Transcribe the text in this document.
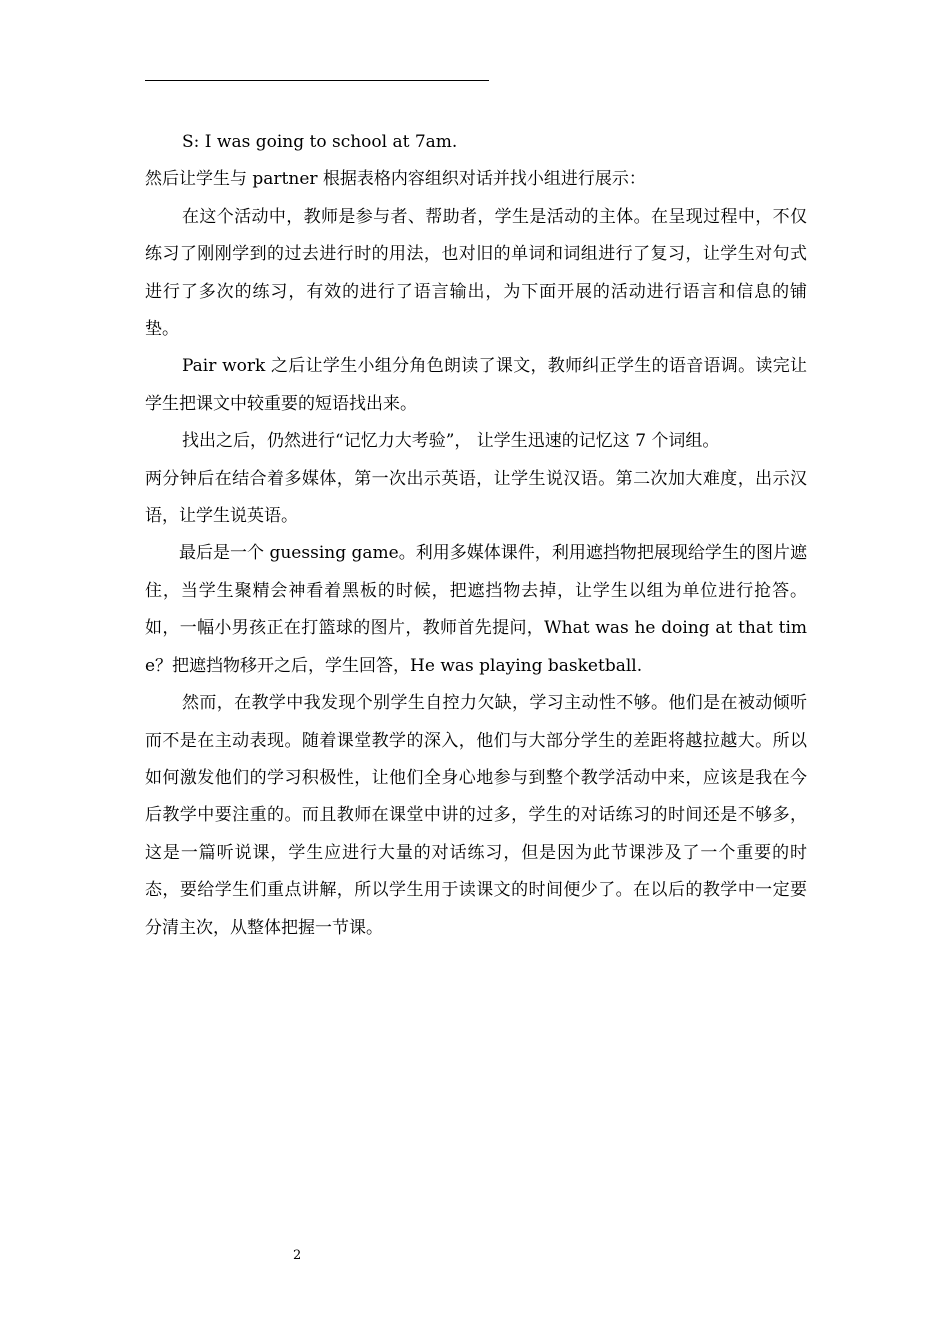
S: I was going to school at 7am.

然后让学生与 partner 根据表格内容组织对话并找小组进行展示：

在这个活动中，教师是参与者、帮助者，学生是活动的主体。在呈现过程中，不仅练习了刚刚学到的过去进行时的用法，也对旧的单词和词组进行了复习，让学生对句式进行了多次的练习，有效的进行了语言输出，为下面开展的活动进行语言和信息的铺垫。

Pair work 之后让学生小组分角色朗读了课文，教师纠正学生的语音语调。读完让学生把课文中较重要的短语找出来。

找出之后，仍然进行“记忆力大考验”， 让学生迅速的记忆这 7 个词组。

两分钟后在结合着多媒体，第一次出示英语，让学生说汉语。第二次加大难度，出示汉语，让学生说英语。

最后是一个 guessing game。利用多媒体课件，利用遮挡物把展现给学生的图片遮住，当学生聚精会神看着黑板的时候，把遮挡物去掉，让学生以组为单位进行抢答。如，一幅小男孩正在打篮球的图片，教师首先提问，What was he doing at that time？把遮挡物移开之后，学生回答，He was playing basketball.

然而，在教学中我发现个别学生自控力欠缺，学习主动性不够。他们是在被动倾听而不是在主动表现。随着课堂教学的深入，他们与大部分学生的差距将越拉越大。所以如何激发他们的学习积极性，让他们全身心地参与到整个教学活动中来，应该是我在今后教学中要注重的。而且教师在课堂中讲的过多，学生的对话练习的时间还是不够多，这是一篇听说课，学生应进行大量的对话练习，但是因为此节课涉及了一个重要的时态，要给学生们重点讲解，所以学生用于读课文的时间便少了。在以后的教学中一定要分清主次，从整体把握一节课。

2
